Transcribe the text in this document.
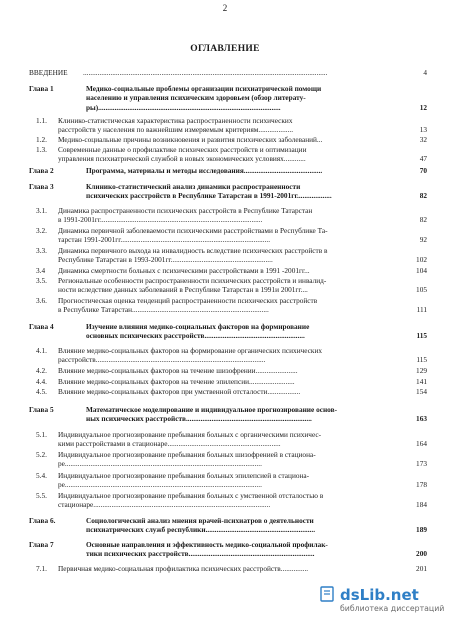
2
ОГЛАВЛЕНИЕ
ВВЕДЕНИЕ ......................................................................................................................................	4
Глава 1	Медико-социальные проблемы организации психиатрической помощи
населению и управления психическим здоровьем (обзор литерату-
ры)....................................................................................................	12
1.1. Клинико-статистическая характеристика распространенности психических
расстройств у населения по важнейшим измеряемым критериям...................	13
1.2. Медико-социальные причины возникновения и развития психических заболеваний...	32
1.3. Современные данные о профилактике психических расстройств и оптимизации
управления психиатрической службой в новых экономических условиях............	47
Глава 2	Программа, материалы и методы исследования...........................................	70
Глава 3	Клинико-статистический анализ динамики распространенности
психических расстройств в Республике Татарстан в 1991-2001гг...................	82
3.1. Динамика распространенности психических расстройств в Республике Татарстан
в 1991-2001гг.........................................................................................	82
3.2. Динамика первичной заболеваемости психическими расстройствами в Республике Та-
тарстан 1991-2001гг..................................................................................	92
3.3. Динамика первичного выхода на инвалидность вследствие психических расстройств в
Республике Татарстан в 1993-2001гг........................................................	102
3.4 Динамика смертности больных с психическими расстройствами в 1991 -2001гг...	104
3.5. Региональные особенности распространенности психических расстройств и инвалид-
ности вследствие данных заболеваний в Республике Татарстан в 1991и 2001гг....	105
3.6. Прогностическая оценка тенденций распространенности психических расстройств
в Республике Татарстан...........................................................................	111
Глава 4	Изучение влияния медико-социальных факторов на формирование
основных психических расстройств.......................................................	115
4.1. Влияние медико-социальных факторов на формирование органических психических
расстройств.............................................................................................	115
4.2. Влияние медико-социальных факторов на течение шизофрении.......................	129
4.4. Влияние медико-социальных факторов на течение эпилепсии.........................	141
4.5. Влияние медико-социальных факторов при умственной отсталости..................	154
Глава 5	Математическое моделирование и индивидуальное прогнозирование основ-
ных психических расстройств.....................................................................	163
5.1. Индивидуальное прогнозирование пребывания больных с органическими психичес-
кими расстройствами в стационаре..............................................................	164
5.2. Индивидуальное прогнозирование пребывания больных шизофренией в стациона-
ре............................................................................................................	173
5.4. Индивидуальное прогнозирование пребывания больных эпилепсией в стациона-
ре............................................................................................................	178
5.5. Индивидуальное прогнозирование пребывания больных с умственной отсталостью в
стационаре.................................................................................................	184
Глава 6.	Социологический анализ мнения врачей-психиатров о деятельности
психиатрических служб республики............................................................	189
Глава 7	Основные направления и эффективность медико-социальной профилак-
тики психических расстройств.....................................................................	200
7.1. Первичная медико-социальная профилактика психических расстройств...............	201
dsLib.net
библиотека диссертаций
